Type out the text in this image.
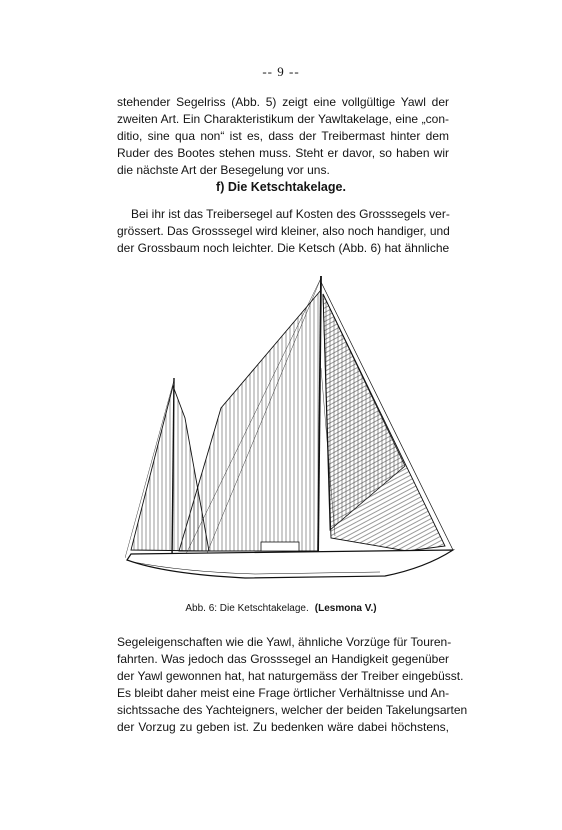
-- 9 --
stehender Segelriss (Abb. 5) zeigt eine vollgültige Yawl der
zweiten Art. Ein Charakteristikum der Yawltakelage, eine „con-
ditio, sine qua non“ ist es, dass der Treibermast hinter dem
Ruder des Bootes stehen muss. Steht er davor, so haben wir
die nächste Art der Besegelung vor uns.
f) Die Ketschtakelage.
Bei ihr ist das Treibersegel auf Kosten des Grosssegels ver-
grössert. Das Grosssegel wird kleiner, also noch handiger, und
der Grossbaum noch leichter. Die Ketsch (Abb. 6) hat ähnliche
Abb. 6: Die Ketschtakelage. (Lesmona V.)
Segeleigenschaften wie die Yawl, ähnliche Vorzüge für Touren-
fahrten. Was jedoch das Grosssegel an Handigkeit gegenüber
der Yawl gewonnen hat, hat naturgemäss der Treiber eingebüsst.
Es bleibt daher meist eine Frage örtlicher Verhältnisse und An-
sichtssache des Yachteigners, welcher der beiden Takelungsarten
der Vorzug zu geben ist. Zu bedenken wäre dabei höchstens,
